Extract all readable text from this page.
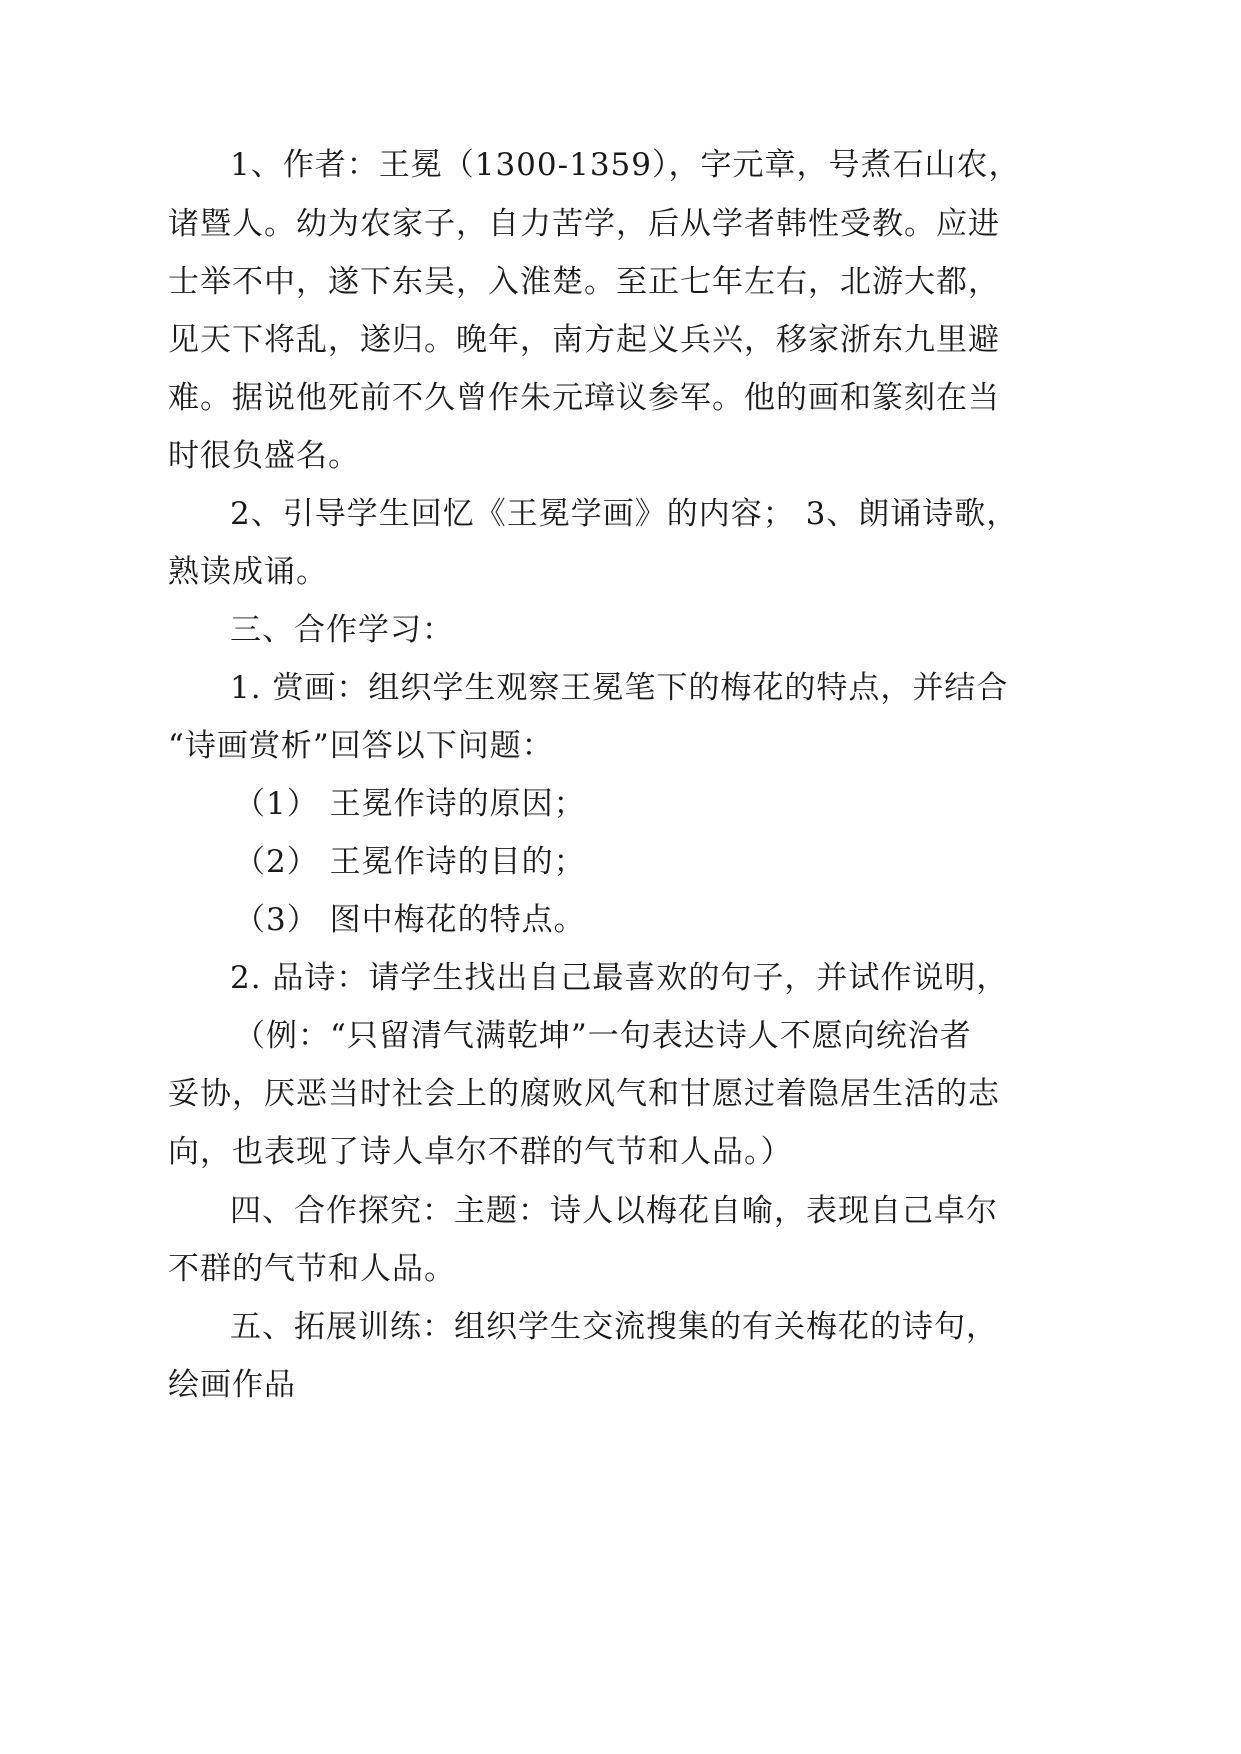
1、作者：王冕（1300-1359），字元章，号煮石山农，
诸暨人。幼为农家子，自力苦学，后从学者韩性受教。应进
士举不中，遂下东吴，入淮楚。至正七年左右，北游大都，
见天下将乱，遂归。晚年，南方起义兵兴，移家浙东九里避
难。据说他死前不久曾作朱元璋议参军。他的画和篆刻在当
时很负盛名。
2、引导学生回忆《王冕学画》的内容； 3、朗诵诗歌，
熟读成诵。
三、合作学习：
1. 赏画：组织学生观察王冕笔下的梅花的特点，并结合
“诗画赏析”回答以下问题：
（1） 王冕作诗的原因；
（2） 王冕作诗的目的；
（3） 图中梅花的特点。
2. 品诗：请学生找出自己最喜欢的句子，并试作说明，
（例：“只留清气满乾坤”一句表达诗人不愿向统治者
妥协，厌恶当时社会上的腐败风气和甘愿过着隐居生活的志
向，也表现了诗人卓尔不群的气节和人品。）
四、合作探究：主题：诗人以梅花自喻，表现自己卓尔
不群的气节和人品。
五、拓展训练：组织学生交流搜集的有关梅花的诗句，
绘画作品
